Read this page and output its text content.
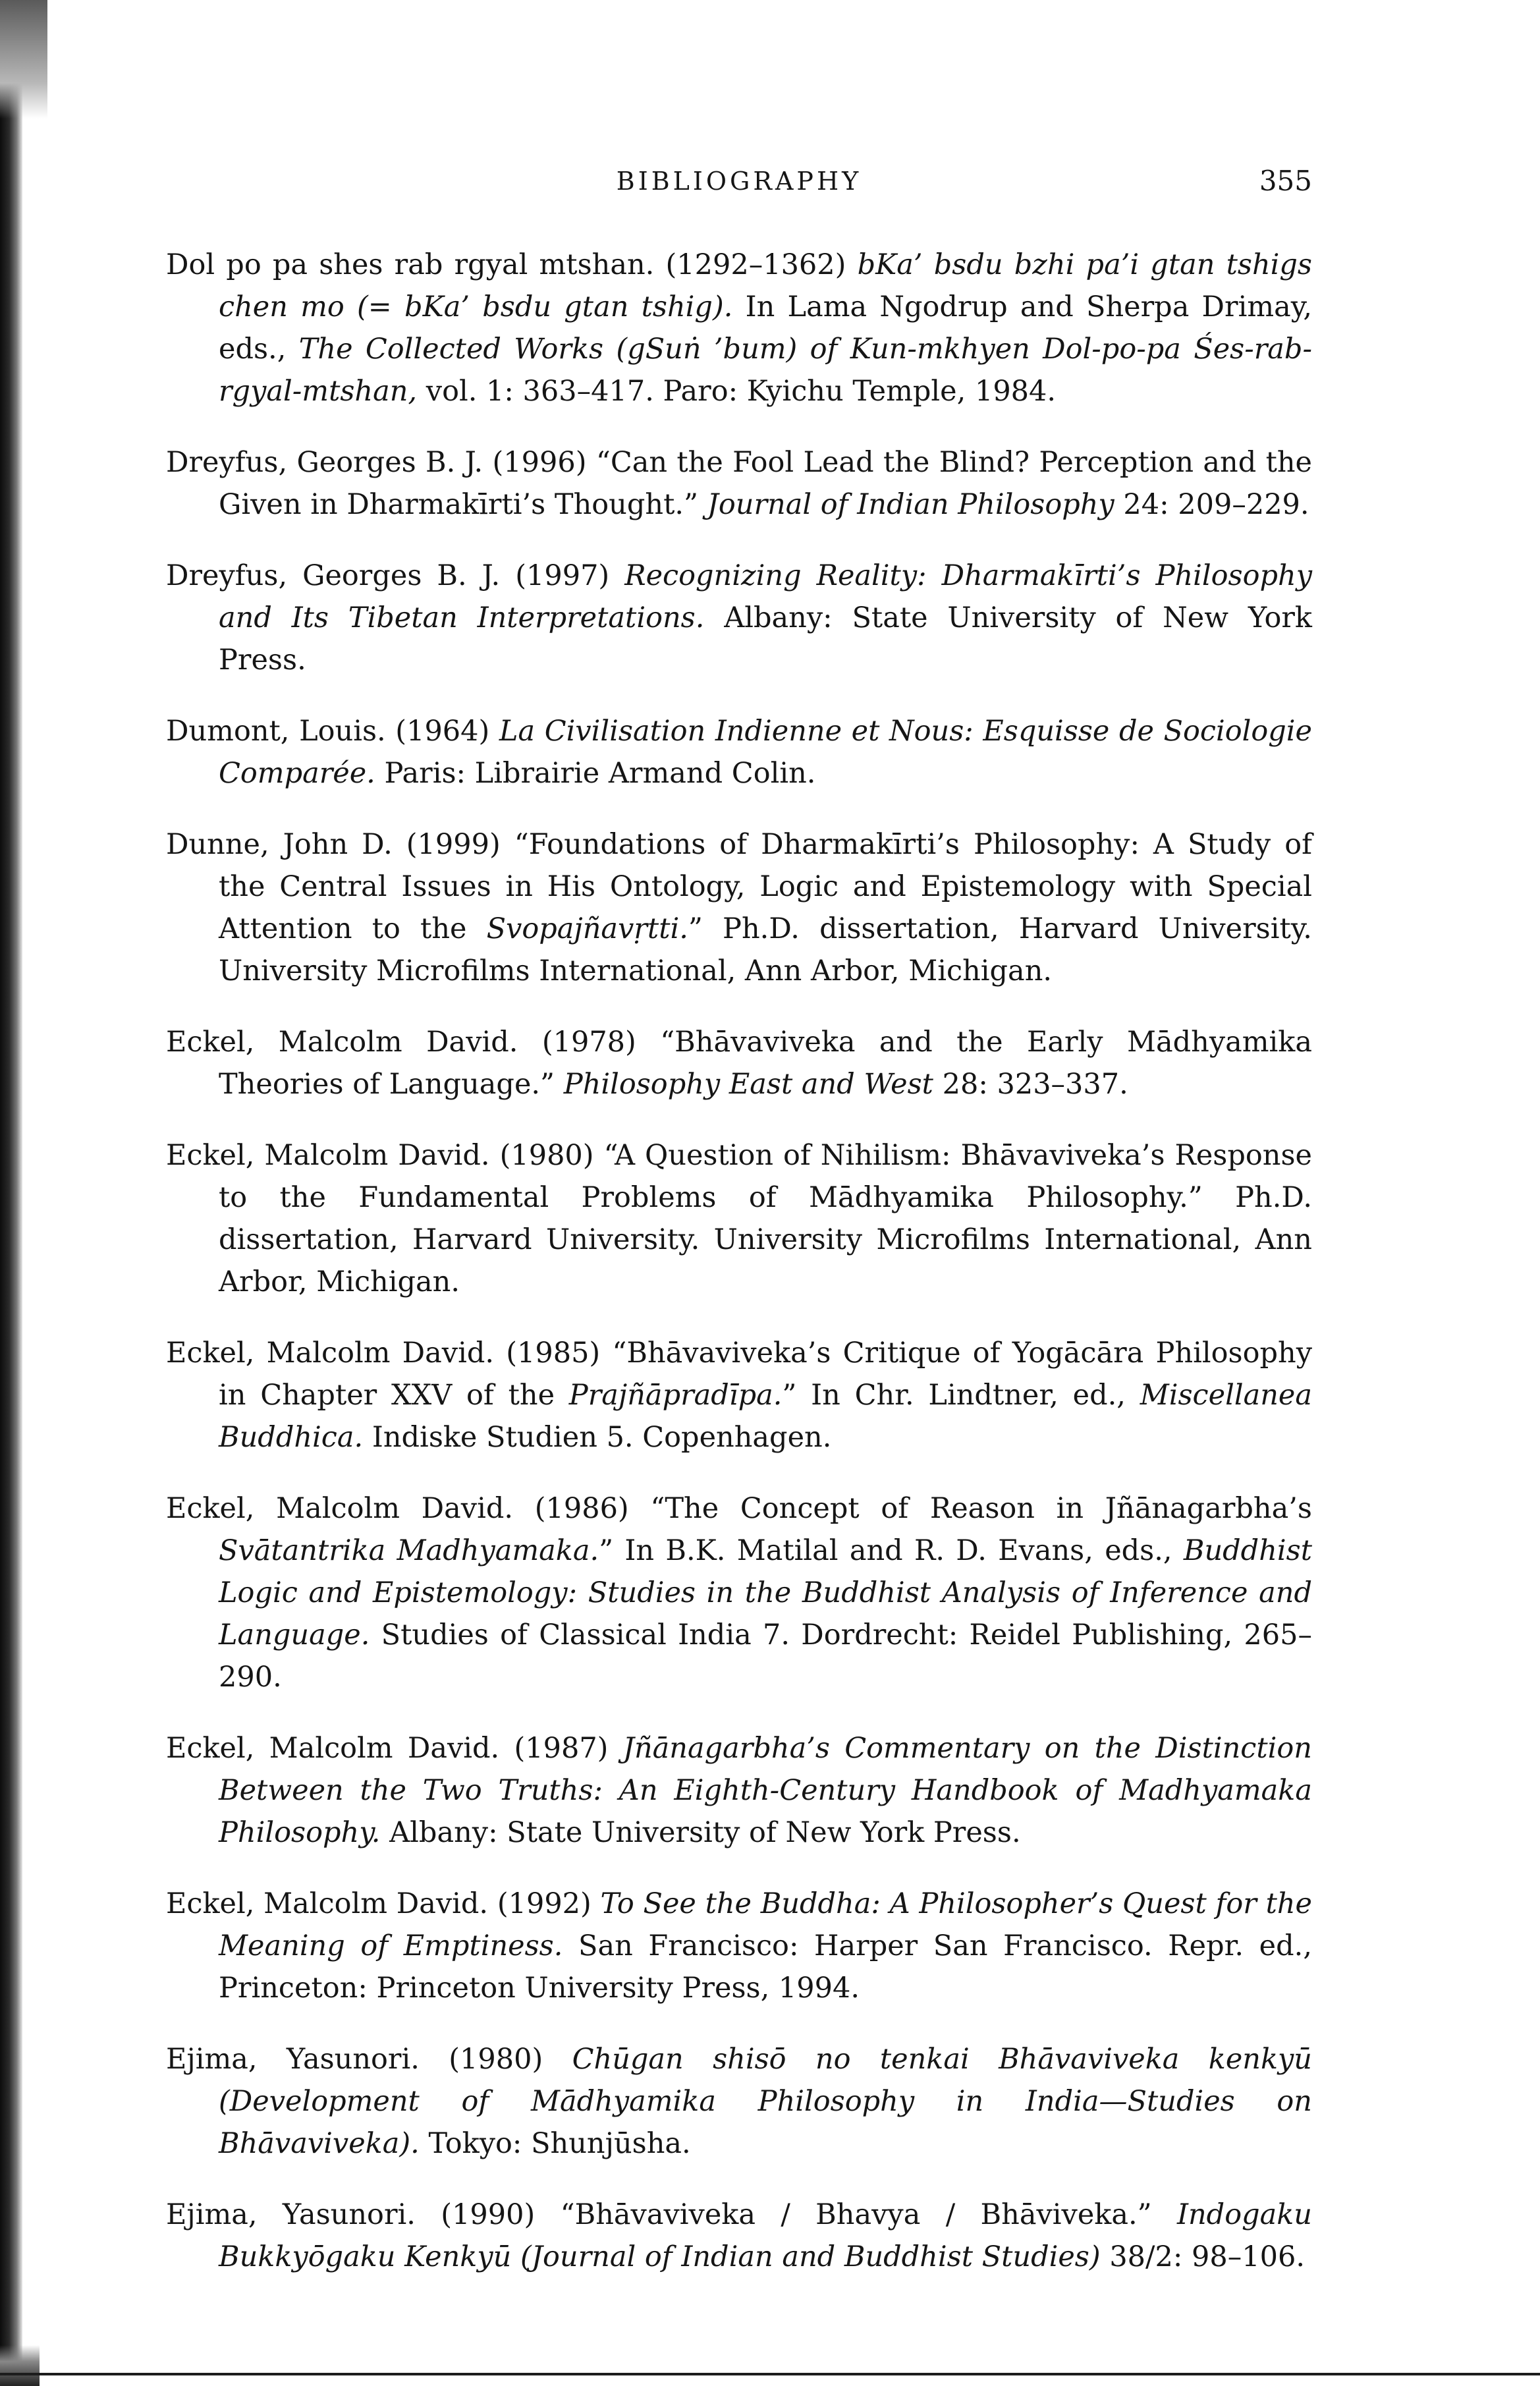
BIBLIOGRAPHY	355

Dol po pa shes rab rgyal mtshan. (1292–1362) bKa’ bsdu bzhi pa’i gtan tshigs chen mo (= bKa’ bsdu gtan tshig). In Lama Ngodrup and Sherpa Drimay, eds., The Collected Works (gSuṅ ’bum) of Kun-mkhyen Dol-po-pa Śes-rab-rgyal-mtshan, vol. 1: 363–417. Paro: Kyichu Temple, 1984.

Dreyfus, Georges B. J. (1996) “Can the Fool Lead the Blind? Perception and the Given in Dharmakīrti’s Thought.” Journal of Indian Philosophy 24: 209–229.

Dreyfus, Georges B. J. (1997) Recognizing Reality: Dharmakīrti’s Philosophy and Its Tibetan Interpretations. Albany: State University of New York Press.

Dumont, Louis. (1964) La Civilisation Indienne et Nous: Esquisse de Sociologie Comparée. Paris: Librairie Armand Colin.

Dunne, John D. (1999) “Foundations of Dharmakīrti’s Philosophy: A Study of the Central Issues in His Ontology, Logic and Epistemology with Special Attention to the Svopajñavṛtti.” Ph.D. dissertation, Harvard University. University Microfilms International, Ann Arbor, Michigan.

Eckel, Malcolm David. (1978) “Bhāvaviveka and the Early Mādhyamika Theories of Language.” Philosophy East and West 28: 323–337.

Eckel, Malcolm David. (1980) “A Question of Nihilism: Bhāvaviveka’s Response to the Fundamental Problems of Mādhyamika Philosophy.” Ph.D. dissertation, Harvard University. University Microfilms International, Ann Arbor, Michigan.

Eckel, Malcolm David. (1985) “Bhāvaviveka’s Critique of Yogācāra Philosophy in Chapter XXV of the Prajñāpradīpa.” In Chr. Lindtner, ed., Miscellanea Buddhica. Indiske Studien 5. Copenhagen.

Eckel, Malcolm David. (1986) “The Concept of Reason in Jñānagarbha’s Svātantrika Madhyamaka.” In B.K. Matilal and R. D. Evans, eds., Buddhist Logic and Epistemology: Studies in the Buddhist Analysis of Inference and Language. Studies of Classical India 7. Dordrecht: Reidel Publishing, 265–290.

Eckel, Malcolm David. (1987) Jñānagarbha’s Commentary on the Distinction Between the Two Truths: An Eighth-Century Handbook of Madhyamaka Philosophy. Albany: State University of New York Press.

Eckel, Malcolm David. (1992) To See the Buddha: A Philosopher’s Quest for the Meaning of Emptiness. San Francisco: Harper San Francisco. Repr. ed., Princeton: Princeton University Press, 1994.

Ejima, Yasunori. (1980) Chūgan shisō no tenkai Bhāvaviveka kenkyū (Development of Mādhyamika Philosophy in India—Studies on Bhāvaviveka). Tokyo: Shunjūsha.

Ejima, Yasunori. (1990) “Bhāvaviveka / Bhavya / Bhāviveka.” Indogaku Bukkyōgaku Kenkyū (Journal of Indian and Buddhist Studies) 38/2: 98–106.
